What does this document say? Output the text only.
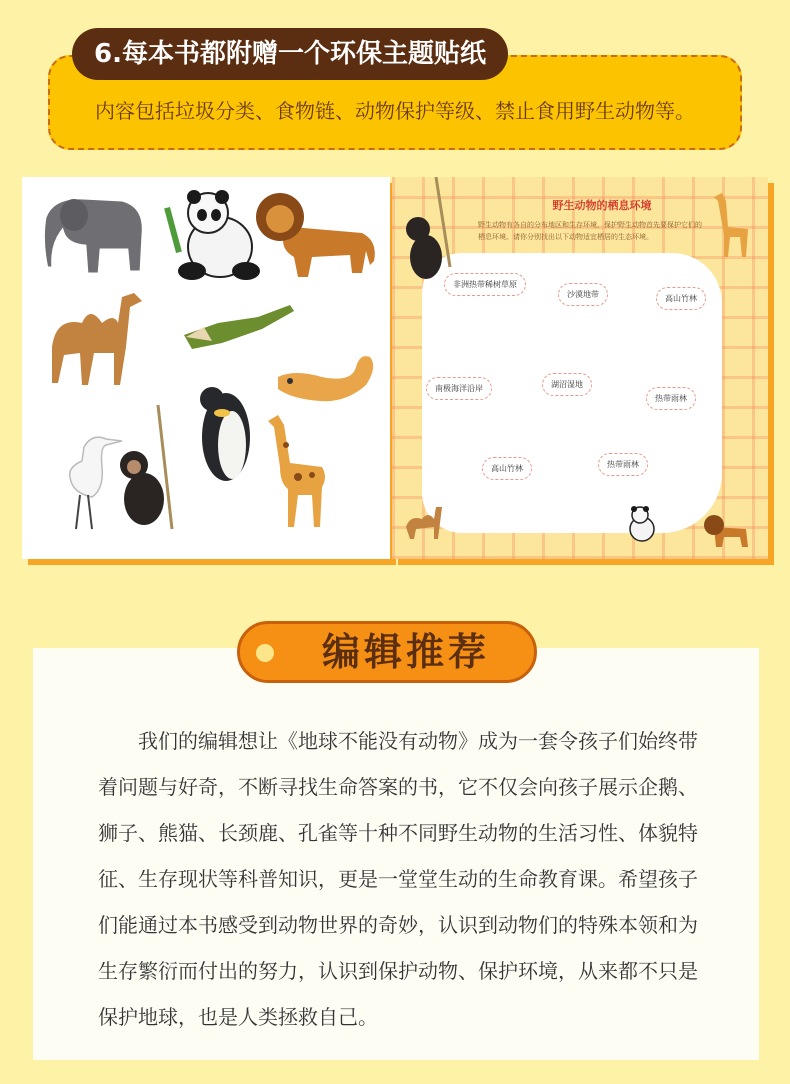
6.每本书都附赠一个环保主题贴纸
内容包括垃圾分类、食物链、动物保护等级、禁止食用野生动物等。
野生动物的栖息环境
野生动物有各自的分布地区和生存环境，保护野生动物首先要保护它们的栖息环境。请你分别找出以下动物适宜栖居的生态环境。
非洲热带稀树草原
沙漠地带	高山竹林
南极海洋沿岸	湖沼湿地
热带雨林
高山竹林	热带雨林
编辑推荐

我们的编辑想让《地球不能没有动物》成为一套令孩子们始终带着问题与好奇，不断寻找生命答案的书，它不仅会向孩子展示企鹅、狮子、熊猫、长颈鹿、孔雀等十种不同野生动物的生活习性、体貌特征、生存现状等科普知识，更是一堂堂生动的生命教育课。希望孩子们能通过本书感受到动物世界的奇妙，认识到动物们的特殊本领和为生存繁衍而付出的努力，认识到保护动物、保护环境，从来都不只是保护地球，也是人类拯救自己。
